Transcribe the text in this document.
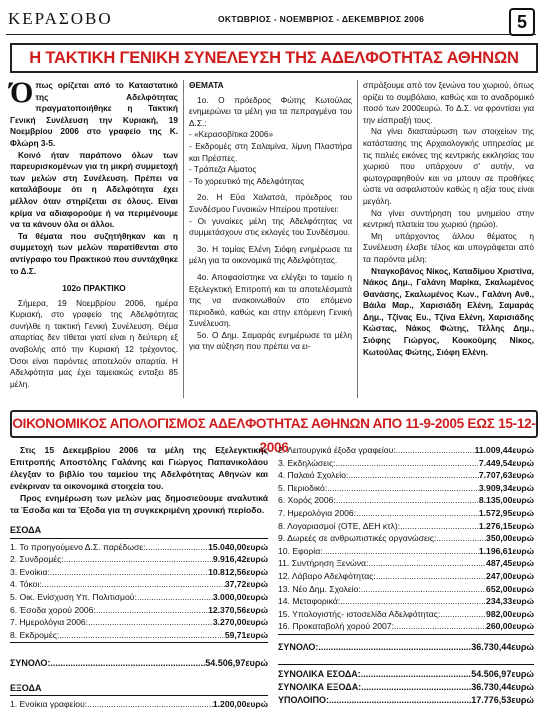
ΚΕΡΑΣΟΒΟ	ΟΚΤΩΒΡΙΟΣ - ΝΟΕΜΒΡΙΟΣ - ΔΕΚΕΜΒΡΙΟΣ 2006	5
Η ΤΑΚΤΙΚΗ ΓΕΝΙΚΗ ΣΥΝΕΛΕΥΣΗ ΤΗΣ ΑΔΕΛΦΟΤΗΤΑΣ ΑΘΗΝΩΝ

Όπως ορίζεται από το Καταστατικό της Αδελφότητας πραγματοποιήθηκε η Τακτική Γενική Συνέλευση την Κυριακή, 19 Νοεμβρίου 2006 στο γραφείο της Κ. Φλώρη 3-5.

Κοινό ήταν παράπονο όλων των παρευρισκομένων για τη μικρή συμμετοχή των μελών στη Συνέλευση. Πρέπει να καταλάβουμε ότι η Αδελφότητα έχει μέλλον όταν στηρίζεται σε όλους. Είναι κρίμα να αδιαφορούμε ή να περιμένουμε να τα κάνουν όλα οι άλλοι.

Τα θέματα που συζητήθηκαν και η συμμετοχή των μελών παρατίθενται στο αντίγραφο του Πρακτικού που συντάχθηκε το Δ.Σ.

102ο ΠΡΑΚΤΙΚΟ

Σήμερα, 19 Νοεμβρίου 2006, ημέρα Κυριακή, στο γραφείο της Αδελφότητας συνήλθε η τακτική Γενική Συνέλευση. Θέμα απαρτίας δεν τίθεται γιατί είναι η δεύτερη εξ αναβολής από την Κυριακή 12 τρέχοντος. Όσοι είναι παρόντες αποτελούν απαρτία. Η Αδελφότητα μας έχει ταμειακώς ενταξει 85 μέλη.

ΘΕΜΑΤΑ

1ο. Ο πρόεδρος Φώτης Κωτούλας ενημερώνει τα μέλη για τα πεπραγμένα του Δ.Σ.:

- «Κερασοβίτικα 2006»

- Εκδρομές στη Σαλαμίνα, λίμνη Πλαστήρα και Πρέσπες.

- Τράπεζα Αίματος

- Το χορευτικό της Αδελφότητας

2ο. Η Εύα Χαλατσά, πρόεδρος του Συνδέσμου Γυναικών Ηπείρου προτείνει:

- Οι γυναίκες μέλη της Αδελφότητας να συμμετάσχουν στις εκλογές του Συνδέσμου.

3ο. Η ταμίας Ελένη Σιόφη ενημέρωσε τα μέλη για τα οικονομικά της Αδελφότητας.

4ο. Αποφασίστηκε να ελέγξει το ταμείο η Εξελεγκτική Επιτροπή και τα αποτελέσματά της να ανακοινωθούν στο επόμενο περιοδικό, καθώς και στην επόμενη Γενική Συνέλευση.

5ο. Ο Δημ. Σαμαράς ενημέρωσε τα μέλη για την αύξηση που πρέπει να ει-

σπράξουμε από τον ξενώνα του χωριού, όπως ορίζει το συμβόλαιο, καθώς και το αναδρομικό ποσό των 2000ευρώ. Το Δ.Σ. να φροντίσει για την είσπραξή τους.

Να γίνει διασταύρωση των στοιχείων της κατάστασης της Αρχαιολογικής υπηρεσίας με τις παλιές εικόνες της κεντρικής εκκλησίας του χωριού που υπάρχουν σ' αυτήν, να φωτογραφηθούν και να μπουν σε προθήκες ώστε να ασφαλιστούν καθώς η αξία τους είναι μεγάλη.

Να γίνει συντήρηση του μνημείου στην κεντρική πλατεία του χωριού (ηρώο).

Μη υπάρχοντος άλλου θέματος η Συνέλευση έλαβε τέλος και υπογράφεται από τα παρόντα μέλη:

Νταγκοβάνος Νίκος, Καταδίμου Χριστίνα, Νάκος Δημ., Γαλάνη Μαρίκα, Σκαλωμένος Θανάσης, Σκαλωμένος Κων., Γαλάνη Ανθ., Βάιλα Μαρ., Χαρισιάδη Ελένη, Σαμαράς Δημ., Τζίνας Ευ., Τζίνα Ελένη, Χαρισιάδης Κώστας, Νάκος Φώτης, Τέλλης Δημ., Σιόφης Γιώργος, Κουκούμης Νίκος, Κωτούλας Φώτης, Σιόφη Ελένη.

ΟΙΚΟΝΟΜΙΚΟΣ ΑΠΟΛΟΓΙΣΜΟΣ ΑΔΕΛΦΟΤΗΤΑΣ ΑΘΗΝΩΝ ΑΠΟ 11-9-2005 ΕΩΣ 15-12-2006

Στις 15 Δεκεμβρίου 2006 τα μέλη της Εξελεγκτικής Επιτροπής Αποστόλης Γαλάνης και Γιώργος Παπανικολάου έλεγξαν το βιβλίο του ταμείου της Αδελφότητας Αθηνών και ενέκριναν τα οικονομικά στοιχεία του.

Προς ενημέρωση των μελών μας δημοσιεύουμε αναλυτικά τα Έσοδα και τα Έξοδα για τη συγκεκριμένη χρονική περίοδο.

ΕΣΟΔΑ
1. Το προηγούμενο Δ.Σ. παρέδωσε: .....	15.040,00ευρώ
2. Συνδρομές: .....	9.916,42ευρώ
3. Ενοίκια: .....	10.812,56ευρώ
4. Τόκοι: .....	37,72ευρώ
5. Οικ. Ενίσχυση Υπ. Πολιτισμού: .....	3.000,00ευρώ
6. Έσοδα χορού 2006: .....	12.370,56ευρώ
7. Ημερολόγια 2006: .....	3.270,00ευρώ
8. Εκδρομές: .....	59,71ευρώ
ΣΥΝΟΛΟ: .....	54.506,97ευρώ
ΕΞΟΔΑ
1. Ενοίκια γραφείου: .....	1.200,00ευρώ
2. Λειτουργικά έξοδα γραφείου: .....	11.009,44ευρώ
3. Εκδηλώσεις: .....	7.449,54ευρώ
4. Παλαιό Σχολείο: .....	7.707,63ευρώ
5. Περιοδικό: .....	3.909,34ευρώ
6. Χορός 2006: .....	8.135,00ευρώ
7. Ημερολόγια 2006: .....	1.572,95ευρώ
8. Λογαριασμοί (ΟΤΕ, ΔΕΗ κτλ): .....	1.276,15ευρώ
9. Δωρεές σε ανθρωπιστικές οργανώσεις: .....	350,00ευρώ
10. Εφορία: .....	1.196,61ευρώ
11. Συντήρηση Ξενώνα: .....	487,45ευρώ
12. Λάβαρο Αδελφότητας: .....	247,00ευρώ
13. Νέο Δημ. Σχολείο: .....	652,00ευρώ
14. Μεταφορικά: .....	234,33ευρώ
15. Υπολογιστής- ιστοσελίδα Αδελφότητας: .....	982,00ευρώ
16. Προκαταβολή χορού 2007: .....	260,00ευρώ
ΣΥΝΟΛΟ: .....	36.730,44ευρώ
ΣΥΝΟΛΙΚΑ ΕΣΟΔΑ: .....	54.506,97ευρώ
ΣΥΝΟΛΙΚΑ ΕΞΟΔΑ: .....	36.730,44ευρώ
ΥΠΟΛΟΙΠΟ: .....	17.776,53ευρώ
